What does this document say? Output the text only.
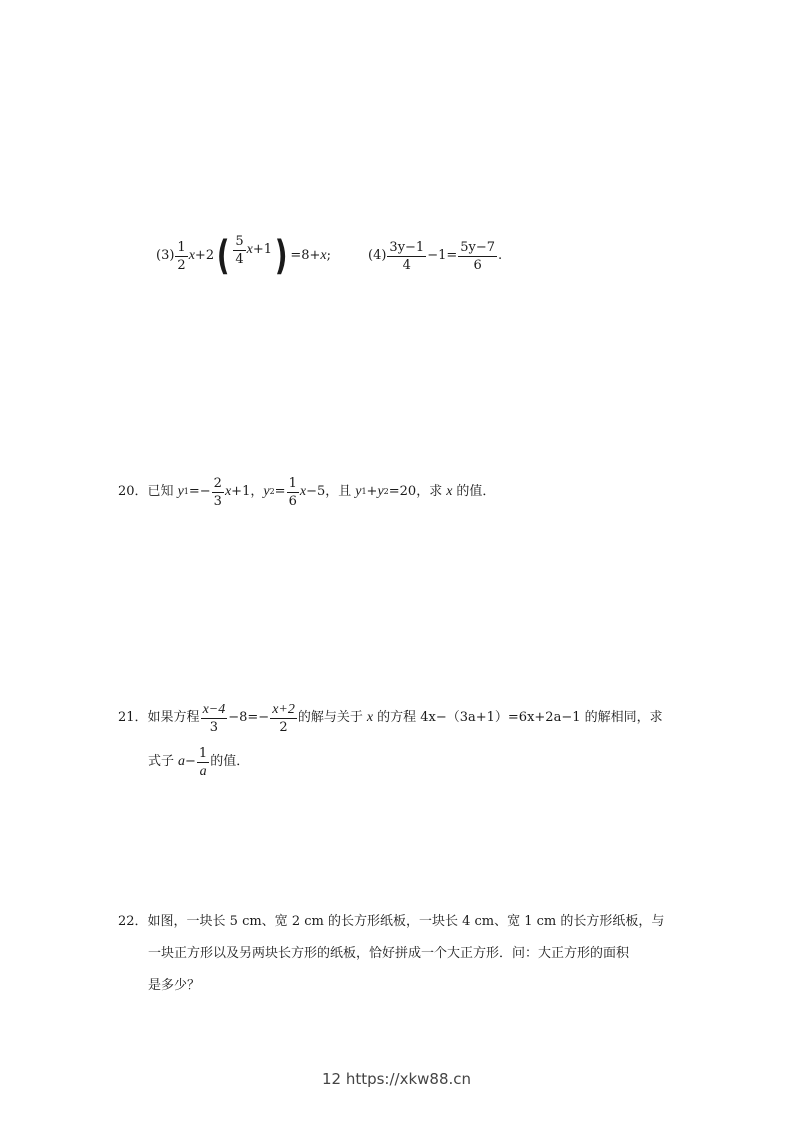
$(3) \frac{1}{2}$ x +2 ( $\frac{5}{4}$ x +1 ) =8+ x ;	$(4) \frac{3y-1}{4} -1= \frac{5y-7}{6}$ .
20． 已知 y $1 =- \frac{2}{3}$ x +1， y $2 = \frac{1}{6}$ x −5，且 y 1 + y 2 =20，求 x 的值．
21． 如果方程 $\frac{x-4}{3} -8=- \frac{x+2}{2}$ 的解与关于 x 的方程 4x−（3a+1）=6x+2a−1 的解相同，求
式子 $a - \frac{1}{a}$ 的值．
22．如图，一块长 5 cm、宽 2 cm 的长方形纸板，一块长 4 cm、宽 1 cm 的长方形纸板，与
一块正方形以及另两块长方形的纸板，恰好拼成一个大正方形．问：大正方形的面积
是多少？
12 https://xkw88.cn
